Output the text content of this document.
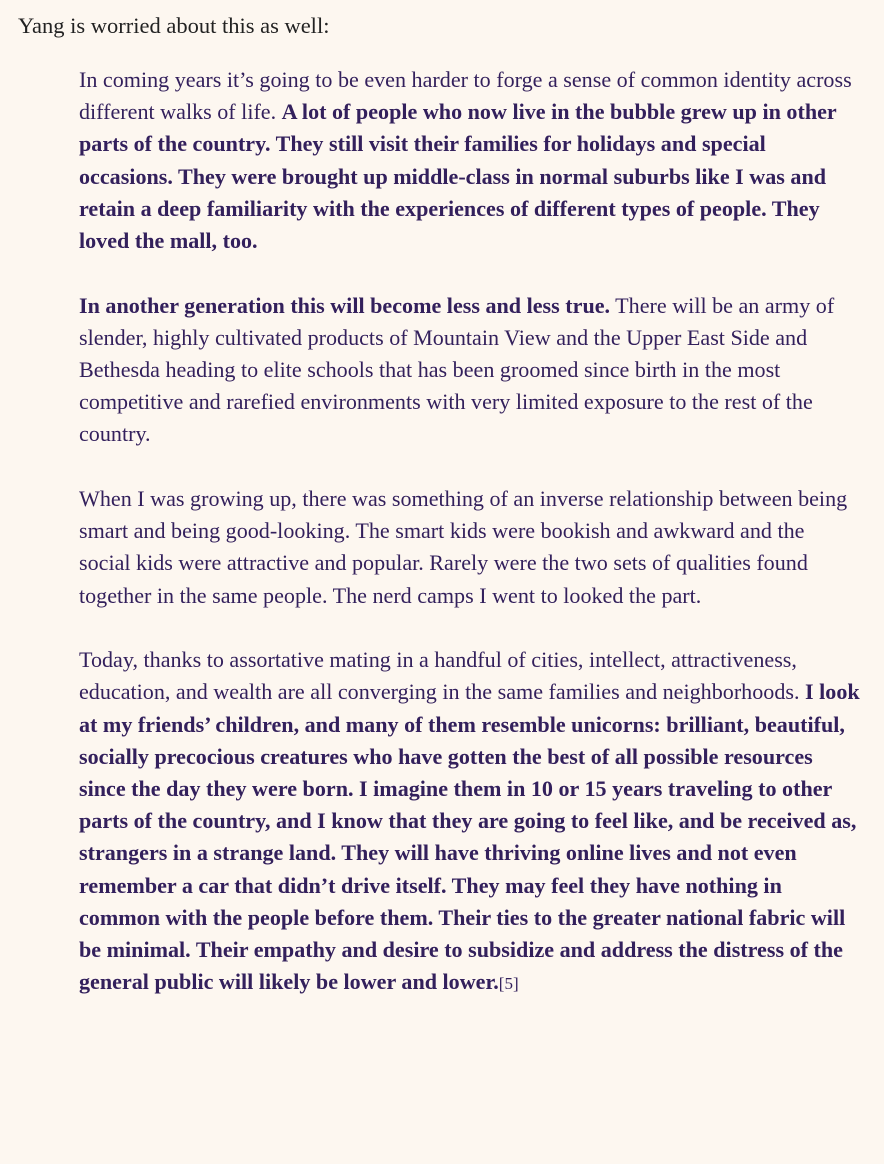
Yang is worried about this as well:

In coming years it’s going to be even harder to forge a sense of common identity across different walks of life. A lot of people who now live in the bubble grew up in other parts of the country. They still visit their families for holidays and special occasions. They were brought up middle-class in normal suburbs like I was and retain a deep familiarity with the experiences of different types of people. They loved the mall, too.

In another generation this will become less and less true. There will be an army of slender, highly cultivated products of Mountain View and the Upper East Side and Bethesda heading to elite schools that has been groomed since birth in the most competitive and rarefied environments with very limited exposure to the rest of the country.

When I was growing up, there was something of an inverse relationship between being smart and being good-looking. The smart kids were bookish and awkward and the social kids were attractive and popular. Rarely were the two sets of qualities found together in the same people. The nerd camps I went to looked the part.

Today, thanks to assortative mating in a handful of cities, intellect, attractiveness, education, and wealth are all converging in the same families and neighborhoods. I look at my friends’ children, and many of them resemble unicorns: brilliant, beautiful, socially precocious creatures who have gotten the best of all possible resources since the day they were born. I imagine them in 10 or 15 years traveling to other parts of the country, and I know that they are going to feel like, and be received as, strangers in a strange land. They will have thriving online lives and not even remember a car that didn’t drive itself. They may feel they have nothing in common with the people before them. Their ties to the greater national fabric will be minimal. Their empathy and desire to subsidize and address the distress of the general public will likely be lower and lower.[5]
